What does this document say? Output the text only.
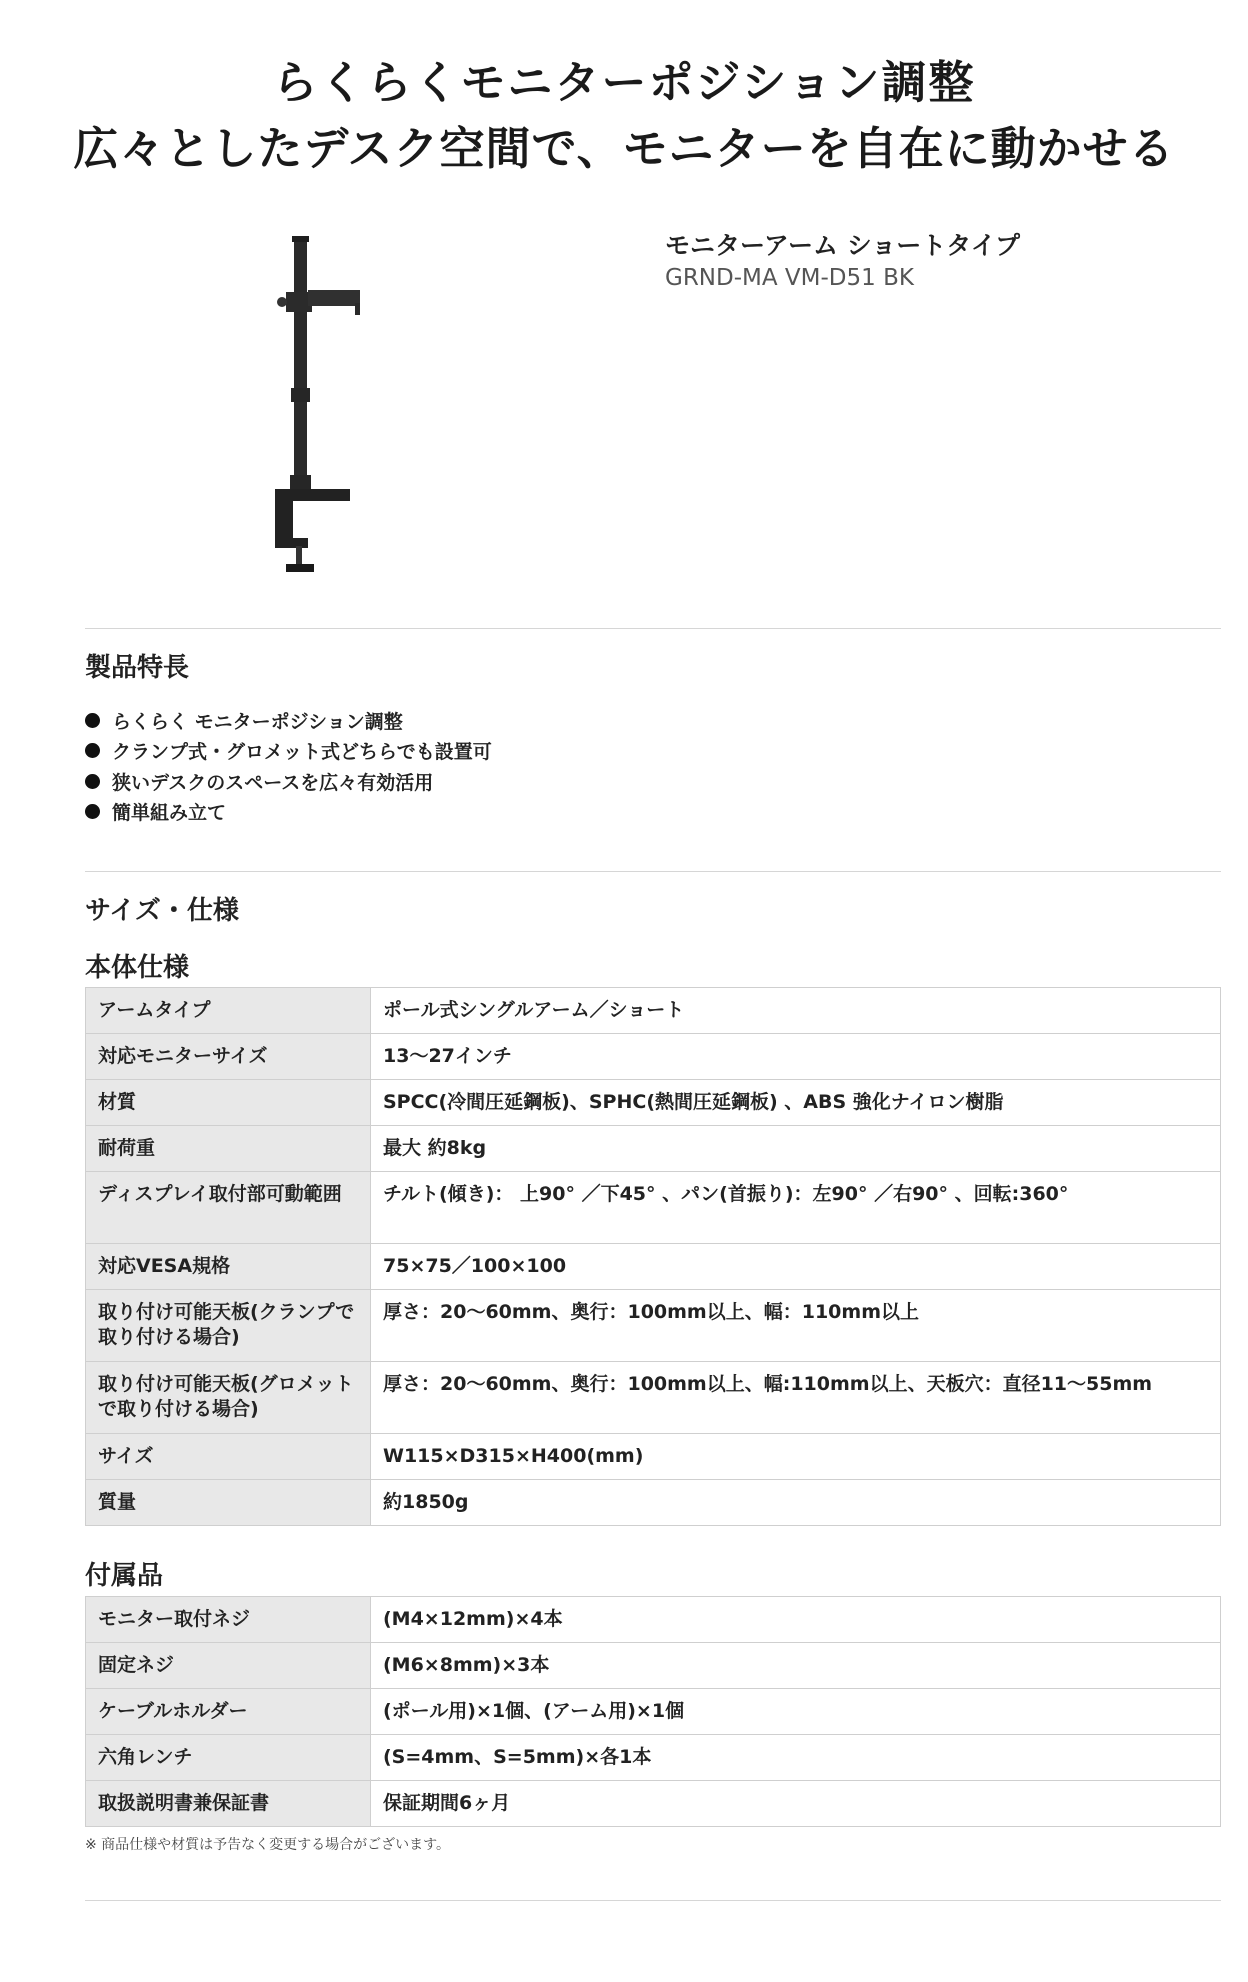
らくらくモニターポジション調整
広々としたデスク空間で、モニターを自在に動かせる
モニターアーム ショートタイプ
GRND-MA VM-D51 BK
製品特長
らくらく モニターポジション調整
クランプ式・グロメット式どちらでも設置可
狭いデスクのスペースを広々有効活用
簡単組み立て
サイズ・仕様
本体仕様
アームタイプ	ポール式シングルアーム／ショート
対応モニターサイズ	13〜27インチ
材質	SPCC(冷間圧延鋼板)、SPHC(熱間圧延鋼板) 、ABS 強化ナイロン樹脂
耐荷重	最大 約8kg
ディスプレイ取付部可動範囲	チルト(傾き)： 上90° ／下45° 、パン(首振り)：左90° ／右90° 、回転:360°
対応VESA規格	75×75／100×100
取り付け可能天板(クランプで取り付ける場合)	厚さ：20〜60mm、奥行：100mm以上、幅：110mm以上
取り付け可能天板(グロメットで取り付ける場合)	厚さ：20〜60mm、奥行：100mm以上、幅:110mm以上、天板穴：直径11〜55mm
サイズ	W115×D315×H400(mm)
質量	約1850g
付属品
モニター取付ネジ	(M4×12mm)×4本
固定ネジ	(M6×8mm)×3本
ケーブルホルダー	(ポール用)×1個、(アーム用)×1個
六角レンチ	(S=4mm、S=5mm)×各1本
取扱説明書兼保証書	保証期間6ヶ月
※ 商品仕様や材質は予告なく変更する場合がございます。
